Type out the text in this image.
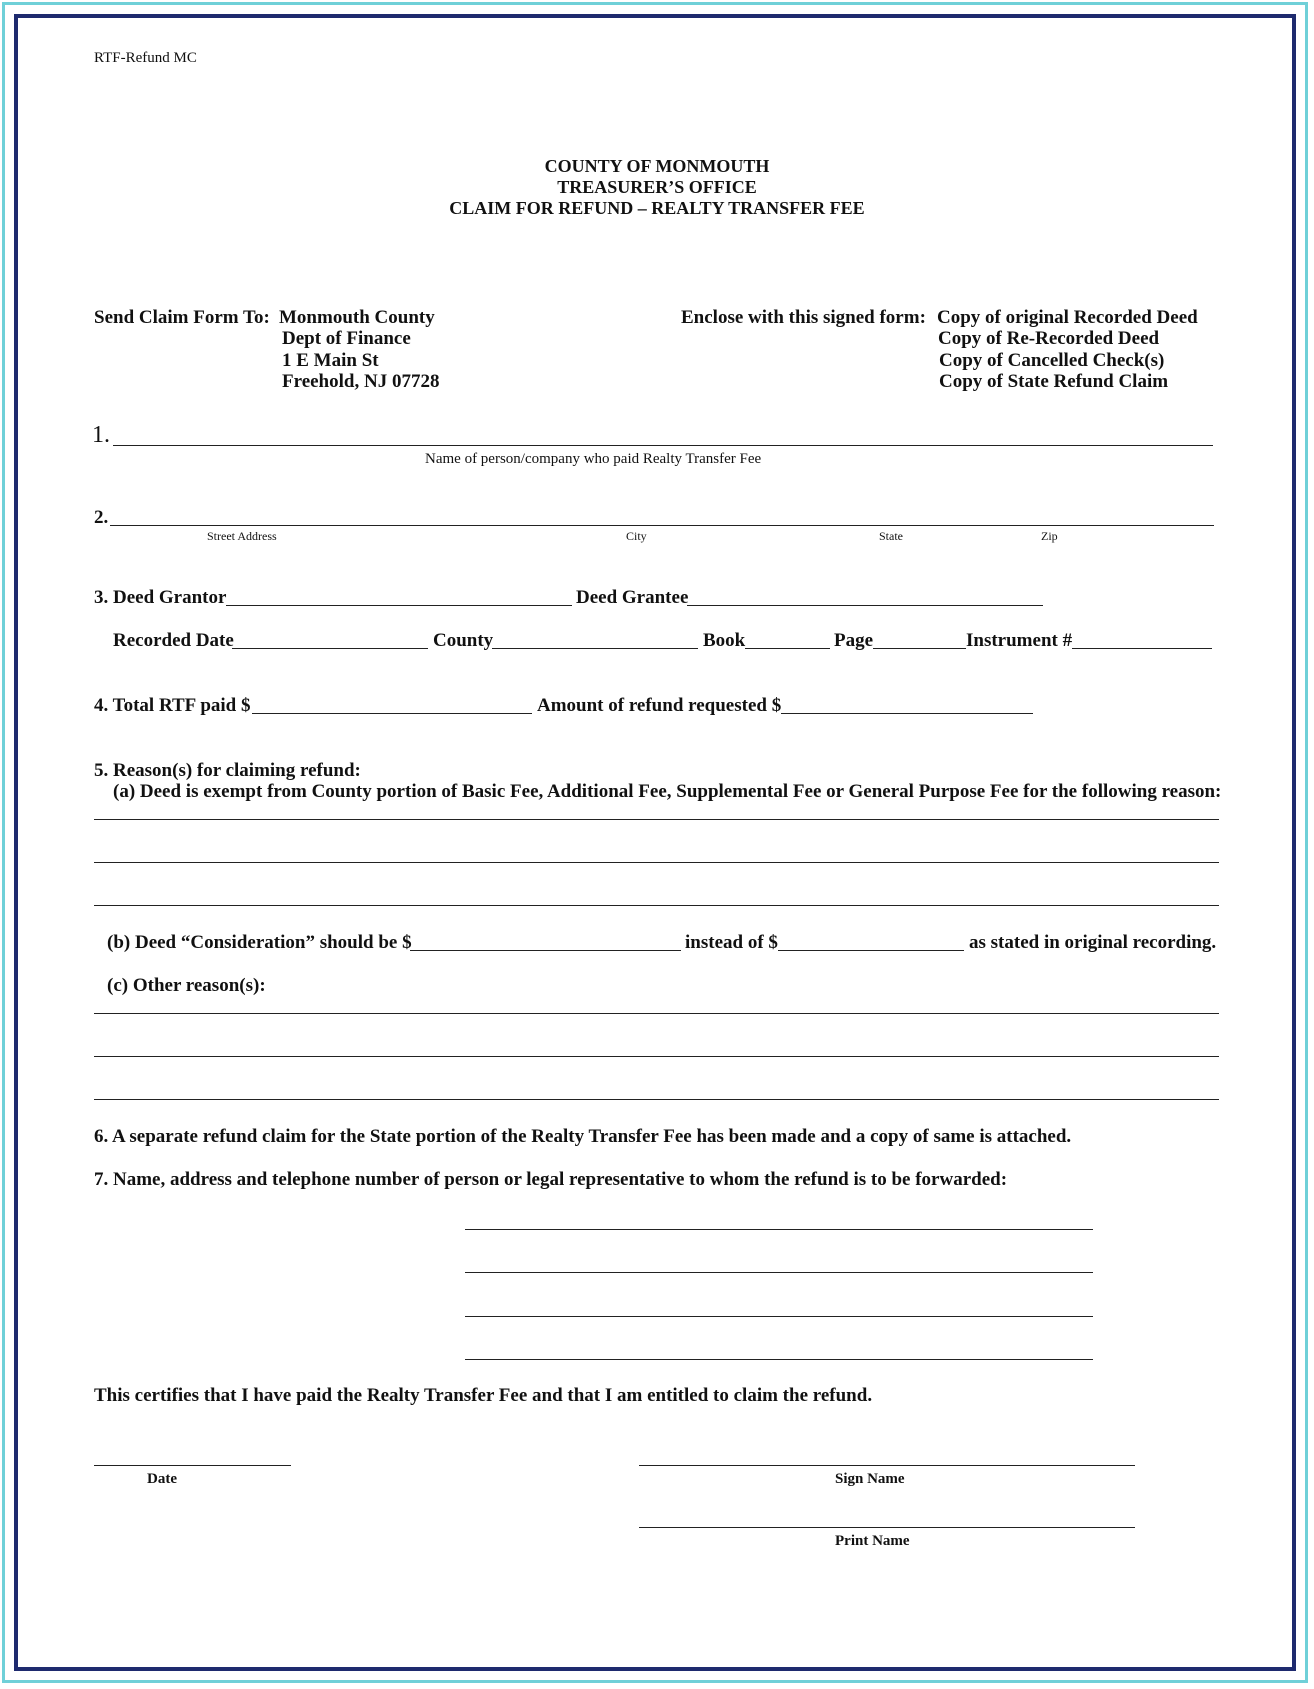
RTF-Refund MC
COUNTY OF MONMOUTH
TREASURER’S OFFICE
CLAIM FOR REFUND – REALTY TRANSFER FEE
Send Claim Form To: Monmouth County
Dept of Finance
1 E Main St
Freehold, NJ 07728
Enclose with this signed form: Copy of original Recorded Deed
Copy of Re-Recorded Deed
Copy of Cancelled Check(s)
Copy of State Refund Claim
1.
Name of person/company who paid Realty Transfer Fee
2.
Street Address	City	State	Zip
3. Deed Grantor	Deed Grantee
Recorded Date	County	Book	Page	Instrument #
4. Total RTF paid $	Amount of refund requested $
5. Reason(s) for claiming refund:
(a) Deed is exempt from County portion of Basic Fee, Additional Fee, Supplemental Fee or General Purpose Fee for the following reason:
(b) Deed “Consideration” should be $	instead of $	as stated in original recording.
(c) Other reason(s):
6. A separate refund claim for the State portion of the Realty Transfer Fee has been made and a copy of same is attached.
7. Name, address and telephone number of person or legal representative to whom the refund is to be forwarded:
This certifies that I have paid the Realty Transfer Fee and that I am entitled to claim the refund.
Date	Sign Name
Print Name
